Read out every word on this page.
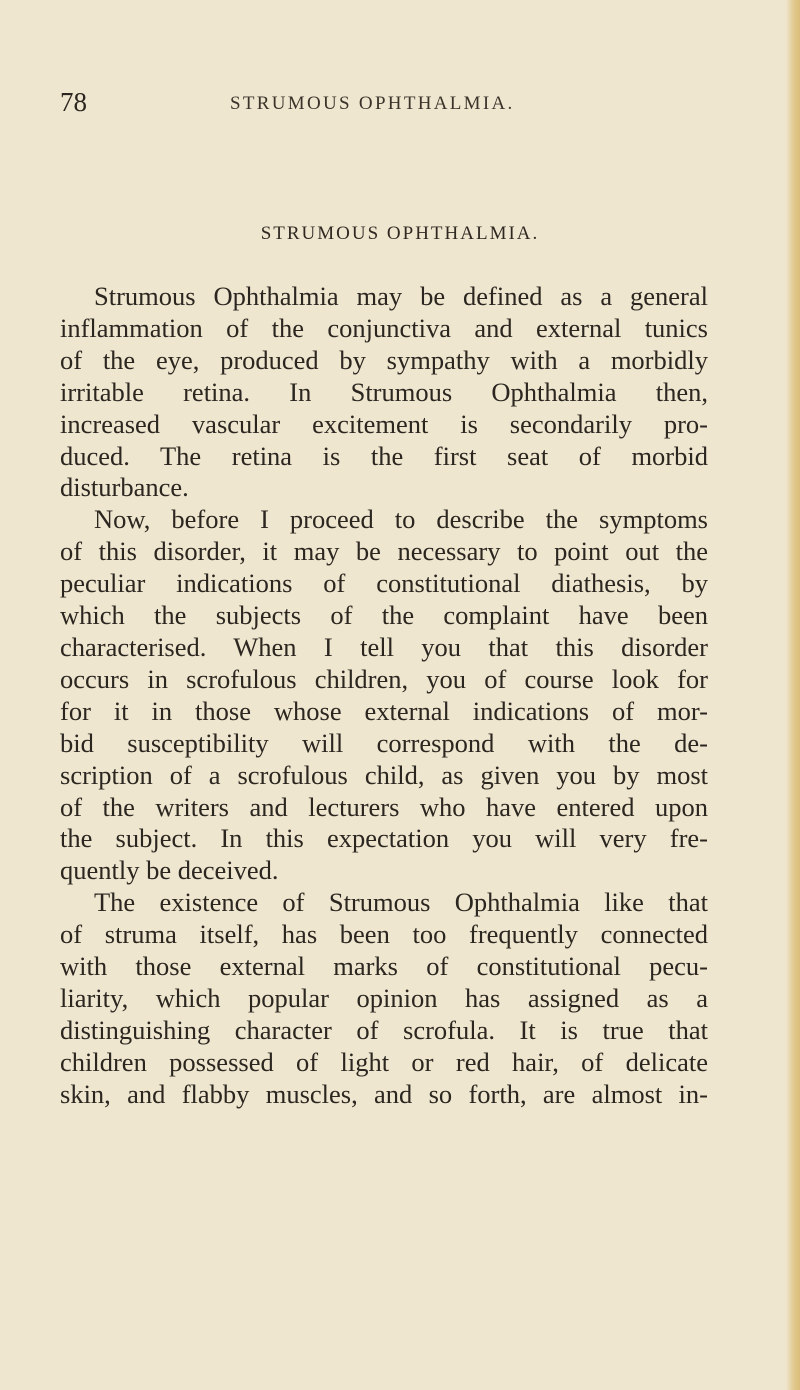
78	STRUMOUS OPHTHALMIA.
STRUMOUS OPHTHALMIA.
Strumous Ophthalmia may be defined as a general
inflammation of the conjunctiva and external tunics
of the eye, produced by sympathy with a morbidly
irritable retina. In Strumous Ophthalmia then,
increased vascular excitement is secondarily pro-
duced. The retina is the first seat of morbid
disturbance.
Now, before I proceed to describe the symptoms
of this disorder, it may be necessary to point out the
peculiar indications of constitutional diathesis, by
which the subjects of the complaint have been
characterised. When I tell you that this disorder
occurs in scrofulous children, you of course look for
for it in those whose external indications of mor-
bid susceptibility will correspond with the de-
scription of a scrofulous child, as given you by most
of the writers and lecturers who have entered upon
the subject. In this expectation you will very fre-
quently be deceived.
The existence of Strumous Ophthalmia like that
of struma itself, has been too frequently connected
with those external marks of constitutional pecu-
liarity, which popular opinion has assigned as a
distinguishing character of scrofula. It is true that
children possessed of light or red hair, of delicate
skin, and flabby muscles, and so forth, are almost in-
